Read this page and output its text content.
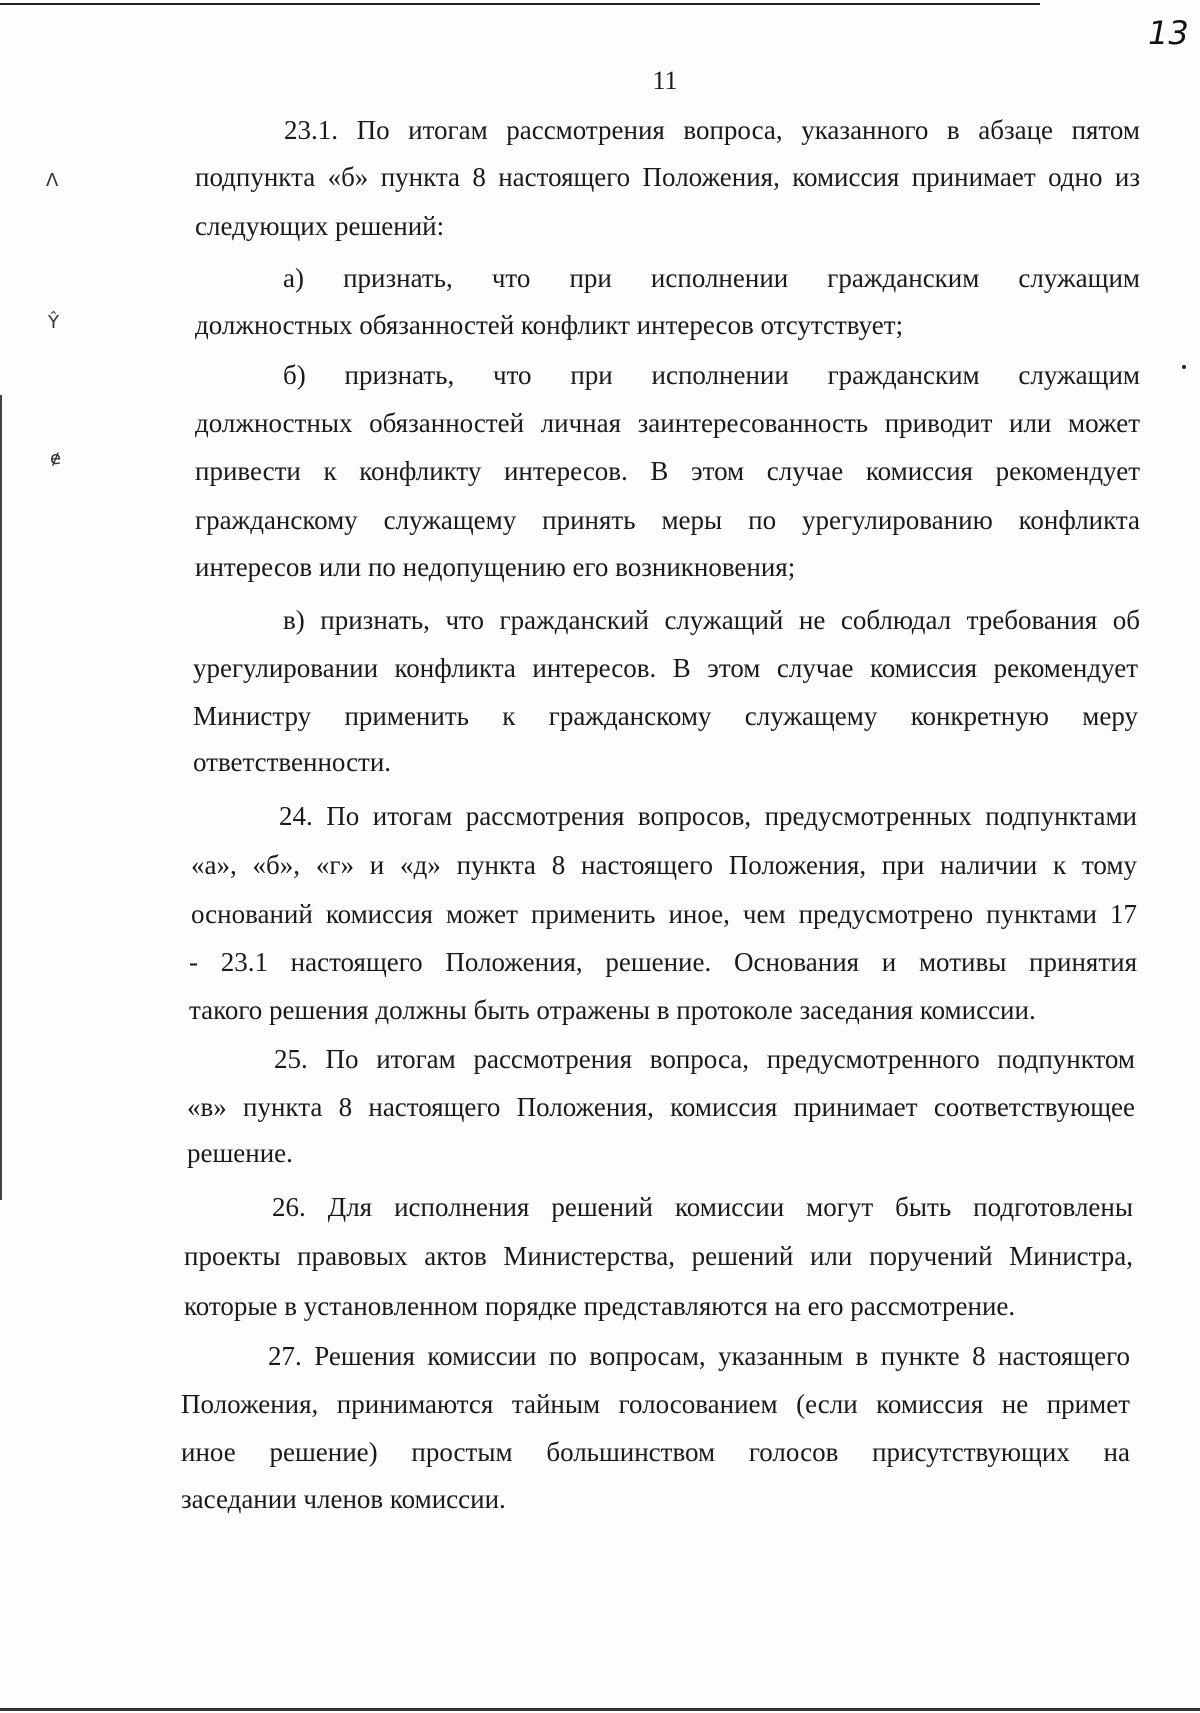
13
11
ᐱ
Ŷ
ɇ
23.1. По итогам рассмотрения вопроса, указанного в абзаце пятом
подпункта «б» пункта 8 настоящего Положения, комиссия принимает одно из
следующих решений:
а) признать, что при исполнении гражданским служащим
должностных обязанностей конфликт интересов отсутствует;
б) признать, что при исполнении гражданским служащим
должностных обязанностей личная заинтересованность приводит или может
привести к конфликту интересов. В этом случае комиссия рекомендует
гражданскому служащему принять меры по урегулированию конфликта
интересов или по недопущению его возникновения;
в) признать, что гражданский служащий не соблюдал требования об
урегулировании конфликта интересов. В этом случае комиссия рекомендует
Министру применить к гражданскому служащему конкретную меру
ответственности.
24. По итогам рассмотрения вопросов, предусмотренных подпунктами
«а», «б», «г» и «д» пункта 8 настоящего Положения, при наличии к тому
оснований комиссия может применить иное, чем предусмотрено пунктами 17
- 23.1 настоящего Положения, решение. Основания и мотивы принятия
такого решения должны быть отражены в протоколе заседания комиссии.
25. По итогам рассмотрения вопроса, предусмотренного подпунктом
«в» пункта 8 настоящего Положения, комиссия принимает соответствующее
решение.
26. Для исполнения решений комиссии могут быть подготовлены
проекты правовых актов Министерства, решений или поручений Министра,
которые в установленном порядке представляются на его рассмотрение.
27. Решения комиссии по вопросам, указанным в пункте 8 настоящего
Положения, принимаются тайным голосованием (если комиссия не примет
иное решение) простым большинством голосов присутствующих на
заседании членов комиссии.
